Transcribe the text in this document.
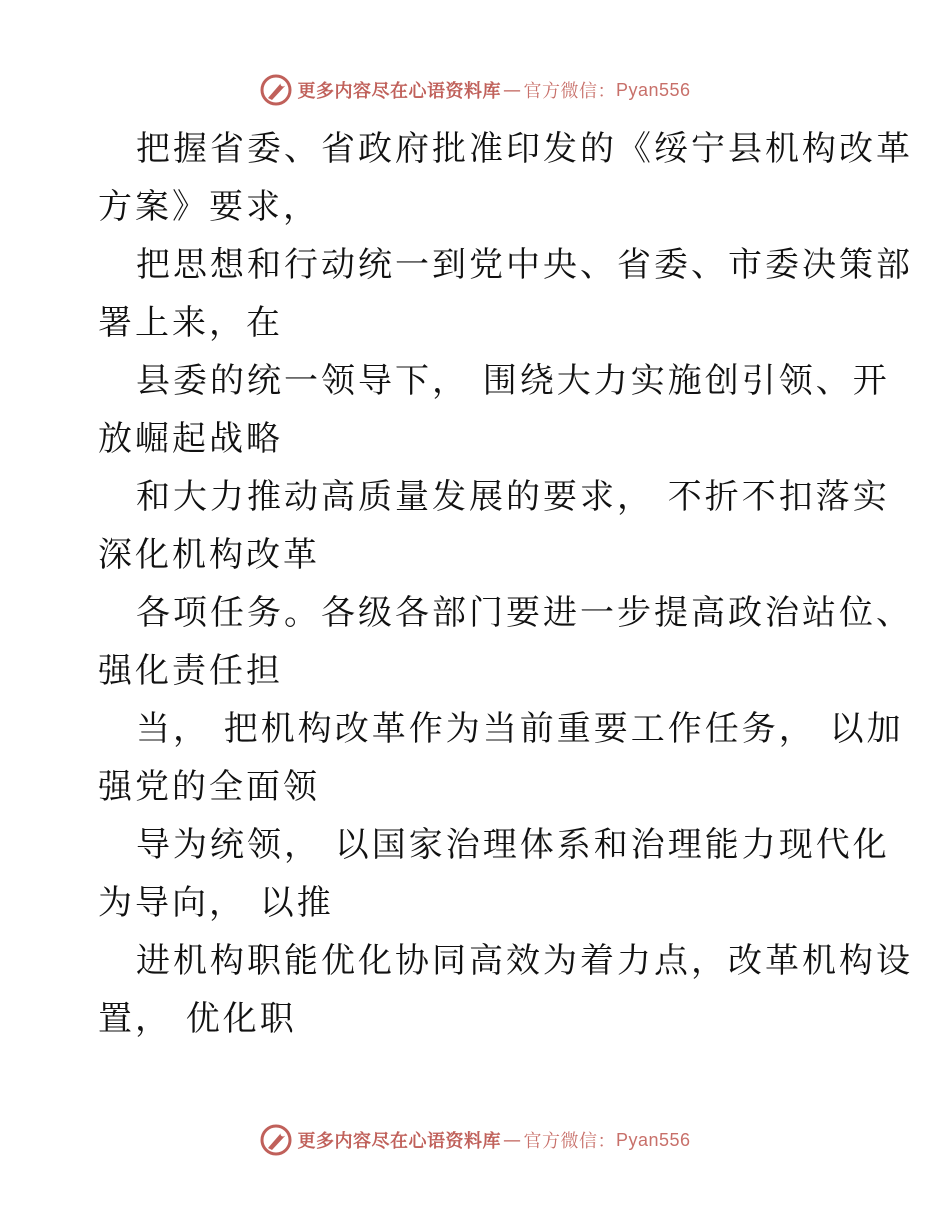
更多内容尽在心语资料库 — 官方微信： Pyan556
把握省委、省政府批准印发的《绥宁县机构改革
方案》要求，
把思想和行动统一到党中央、省委、市委决策部
署上来，在
县委的统一领导下， 围绕大力实施创引领、开
放崛起战略
和大力推动高质量发展的要求， 不折不扣落实
深化机构改革
各项任务。各级各部门要进一步提高政治站位、
强化责任担
当， 把机构改革作为当前重要工作任务， 以加
强党的全面领
导为统领， 以国家治理体系和治理能力现代化
为导向， 以推
进机构职能优化协同高效为着力点，改革机构设
置， 优化职
更多内容尽在心语资料库 — 官方微信： Pyan556
